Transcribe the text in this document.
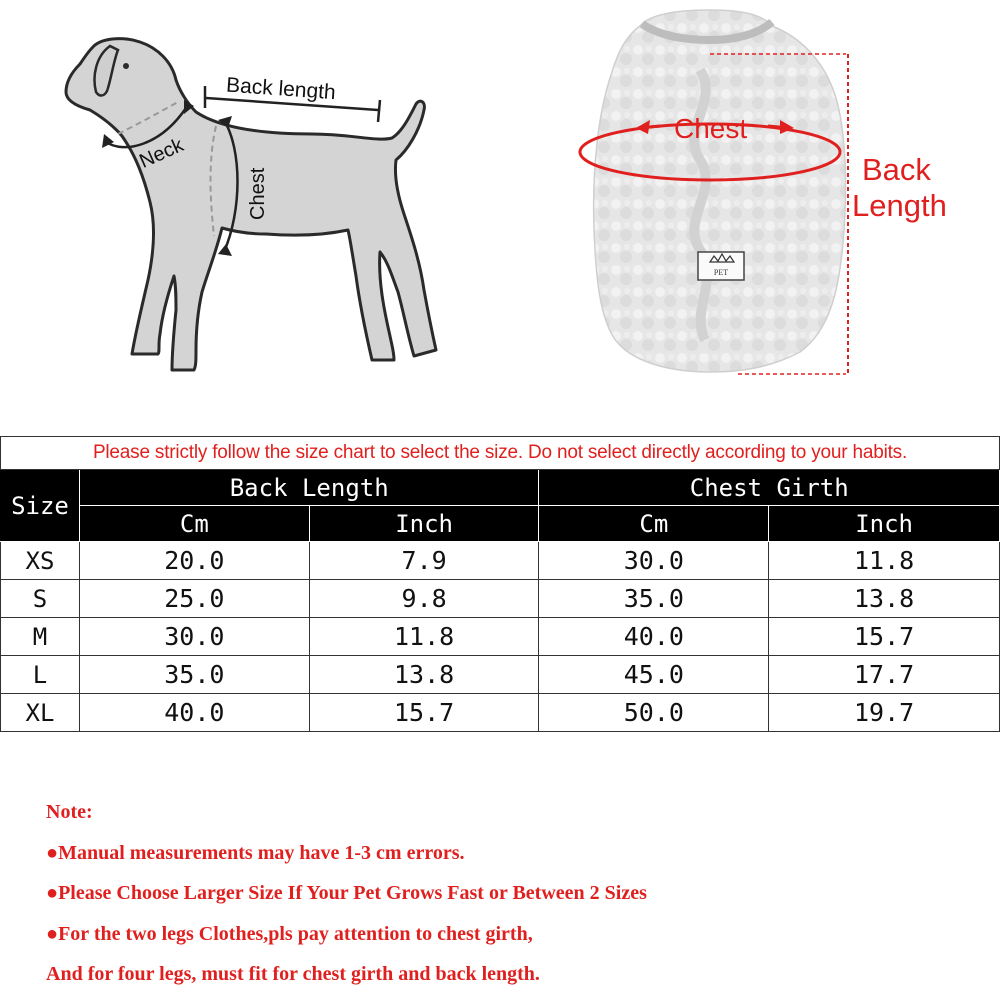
Neck
Back length
Chest
PET
Chest
Back
Length
Please strictly follow the size chart to select the size. Do not select directly according to your habits.				
Size	Back Length		Chest Girth	
	Cm	Inch	Cm	Inch
XS	20.0	7.9	30.0	11.8
S	25.0	9.8	35.0	13.8
M	30.0	11.8	40.0	15.7
L	35.0	13.8	45.0	17.7
XL	40.0	15.7	50.0	19.7
Note:
●Manual measurements may have 1-3 cm errors.
●Please Choose Larger Size If Your Pet Grows Fast or Between 2 Sizes
●For the two legs Clothes,pls pay attention to chest girth,
And for four legs, must fit for chest girth and back length.
